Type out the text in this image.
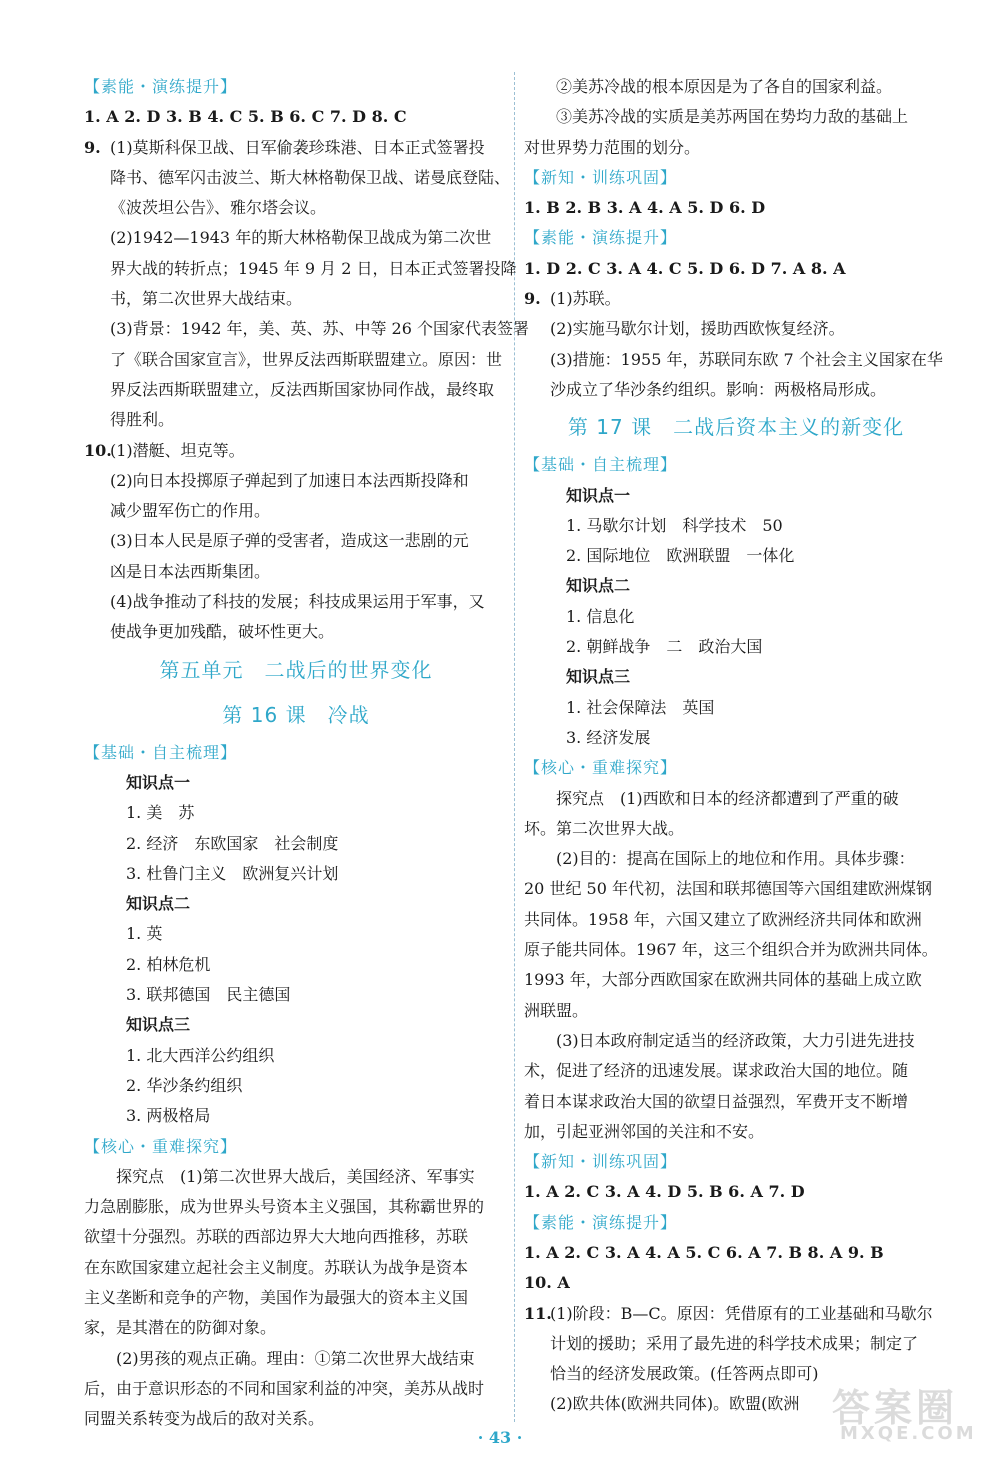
【素能・演练提升】
1. A 2. D 3. B 4. C 5. B 6. C 7. D 8. C
9. (1)莫斯科保卫战、日军偷袭珍珠港、日本正式签署投
降书、德军闪击波兰、斯大林格勒保卫战、诺曼底登陆、
《波茨坦公告》、雅尔塔会议。
(2)1942—1943 年的斯大林格勒保卫战成为第二次世
界大战的转折点；1945 年 9 月 2 日，日本正式签署投降
书，第二次世界大战结束。
(3)背景：1942 年，美、英、苏、中等 26 个国家代表签署
了《联合国家宣言》，世界反法西斯联盟建立。原因：世
界反法西斯联盟建立，反法西斯国家协同作战，最终取
得胜利。
10.(1)潜艇、坦克等。
(2)向日本投掷原子弹起到了加速日本法西斯投降和
减少盟军伤亡的作用。
(3)日本人民是原子弹的受害者，造成这一悲剧的元
凶是日本法西斯集团。
(4)战争推动了科技的发展；科技成果运用于军事，又
使战争更加残酷，破坏性更大。
第五单元　二战后的世界变化
第 16 课　冷战
【基础・自主梳理】
知识点一
1. 美　苏
2. 经济　东欧国家　社会制度
3. 杜鲁门主义　欧洲复兴计划
知识点二
1. 英
2. 柏林危机
3. 联邦德国　民主德国
知识点三
1. 北大西洋公约组织
2. 华沙条约组织
3. 两极格局
【核心・重难探究】
探究点　(1)第二次世界大战后，美国经济、军事实
力急剧膨胀，成为世界头号资本主义强国，其称霸世界的
欲望十分强烈。苏联的西部边界大大地向西推移，苏联
在东欧国家建立起社会主义制度。苏联认为战争是资本
主义垄断和竞争的产物，美国作为最强大的资本主义国
家，是其潜在的防御对象。
(2)男孩的观点正确。理由：①第二次世界大战结束
后，由于意识形态的不同和国家利益的冲突，美苏从战时
同盟关系转变为战后的敌对关系。
②美苏冷战的根本原因是为了各自的国家利益。
③美苏冷战的实质是美苏两国在势均力敌的基础上
对世界势力范围的划分。
【新知・训练巩固】
1. B 2. B 3. A 4. A 5. D 6. D
【素能・演练提升】
1. D 2. C 3. A 4. C 5. D 6. D 7. A 8. A
9. (1)苏联。
(2)实施马歇尔计划，援助西欧恢复经济。
(3)措施：1955 年，苏联同东欧 7 个社会主义国家在华
沙成立了华沙条约组织。影响：两极格局形成。
第 17 课　二战后资本主义的新变化
【基础・自主梳理】
知识点一
1. 马歇尔计划　科学技术　50
2. 国际地位　欧洲联盟　一体化
知识点二
1. 信息化
2. 朝鲜战争　二　政治大国
知识点三
1. 社会保障法　英国
3. 经济发展
【核心・重难探究】
探究点　(1)西欧和日本的经济都遭到了严重的破
坏。第二次世界大战。
(2)目的：提高在国际上的地位和作用。具体步骤：
20 世纪 50 年代初，法国和联邦德国等六国组建欧洲煤钢
共同体。1958 年，六国又建立了欧洲经济共同体和欧洲
原子能共同体。1967 年，这三个组织合并为欧洲共同体。
1993 年，大部分西欧国家在欧洲共同体的基础上成立欧
洲联盟。
(3)日本政府制定适当的经济政策，大力引进先进技
术，促进了经济的迅速发展。谋求政治大国的地位。随
着日本谋求政治大国的欲望日益强烈，军费开支不断增
加，引起亚洲邻国的关注和不安。
【新知・训练巩固】
1. A 2. C 3. A 4. D 5. B 6. A 7. D
【素能・演练提升】
1. A 2. C 3. A 4. A 5. C 6. A 7. B 8. A 9. B
10. A
11.(1)阶段：B—C。原因：凭借原有的工业基础和马歇尔
计划的援助；采用了最先进的科学技术成果；制定了
恰当的经济发展政策。(任答两点即可)
(2)欧共体(欧洲共同体)。欧盟(欧洲
· 43 ·
答案圈
MXQE.COM
